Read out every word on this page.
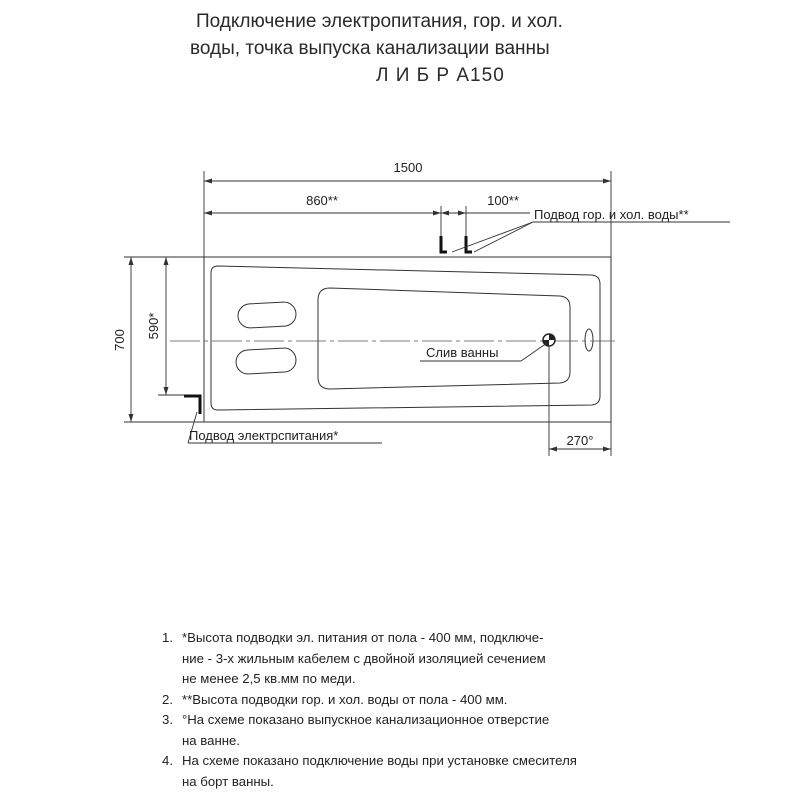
Подключение электропитания, гор. и хол.
воды, точка выпуска канализации ванны
Л И Б Р А150
1500
860**	100**
Подвод гор. и хол. воды**
700
590*
Подвод электрспитания*
Слив ванны
270°
1. *Высота подводки эл. питания от пола - 400 мм, подключе-
ние - 3-х жильным кабелем с двойной изоляцией сечением
не менее 2,5 кв.мм по меди.
2. **Высота подводки гор. и хол. воды от пола - 400 мм.
3. °На схеме показано выпускное канализационное отверстие
на ванне.
4. На схеме показано подключение воды при установке смесителя
на борт ванны.
